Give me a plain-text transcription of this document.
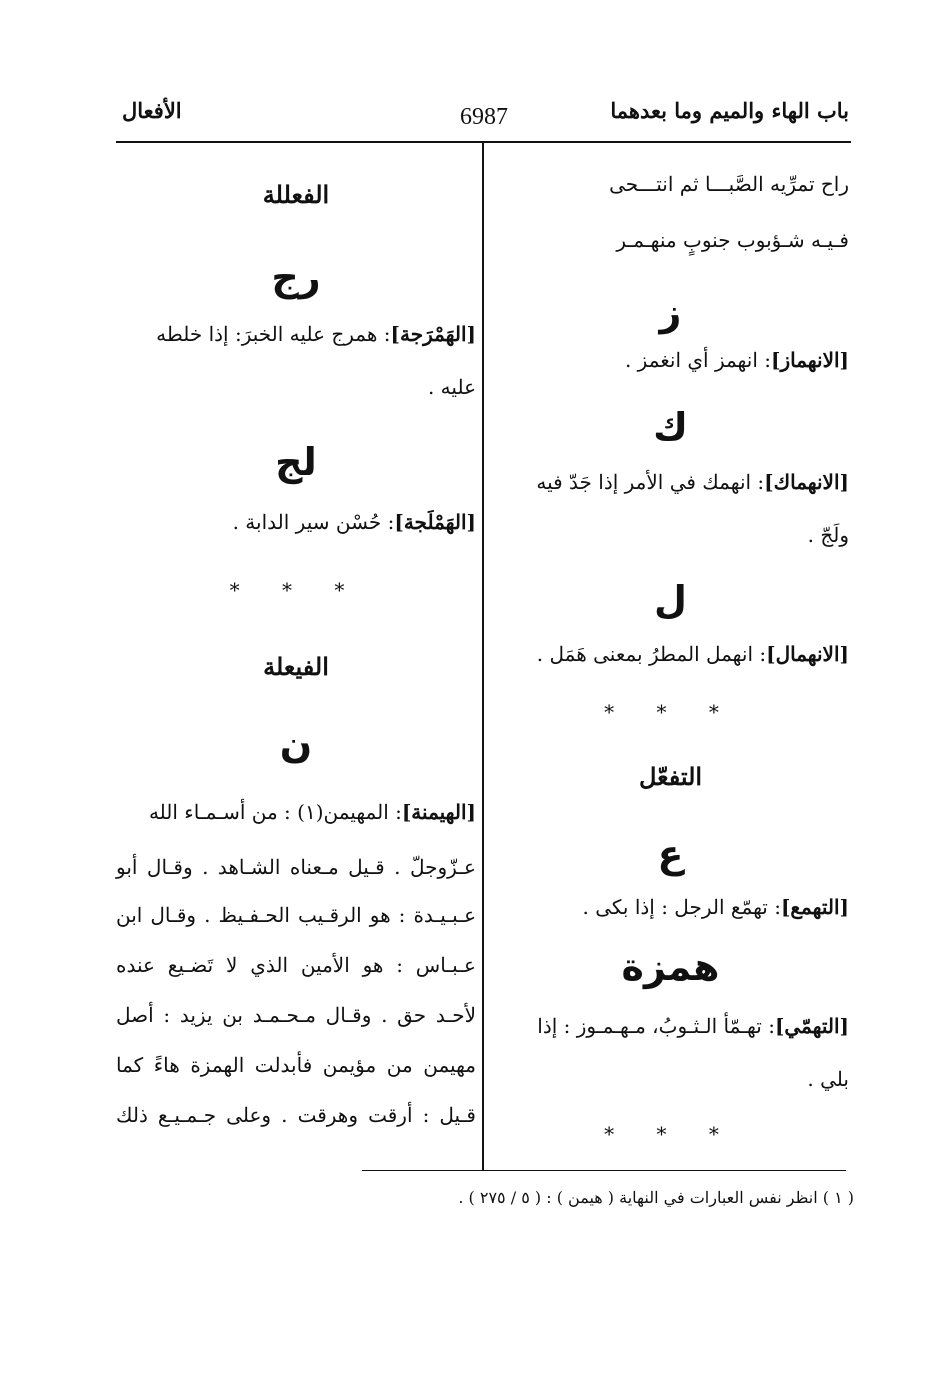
الأفعال	6987	باب الهاء والميم وما بعدهما
راح تمرِّيه الصَّبـــا ثم انتـــحى
فـيـه شـؤبوب جنوبٍ منهـمـر
ز
[الانهماز]: انهمز أي انغمز .
ك
[الانهماك]: انهمك في الأمر إذا جَدّ فيه
ولَجّ .
ل
[الانهمال]: انهمل المطرُ بمعنى هَمَل .
* * *
التفعّل
ع
[التهمع]: تهمّع الرجل : إذا بكى .
همزة
[التهمّي]: تهـمّأ الـثـوبُ، مـهـمـوز : إذا
بلي .
* * *
الفعللة
رج
[الهَمْرَجة]: همرج عليه الخبرَ: إذا خلطه
عليه .
لج
[الهَمْلَجة]: حُسْن سير الدابة .
* * *
الفيعلة
ن
[الهيمنة]: المهيمن(١) : من أسـمـاء الله
عـزّوجلّ . قـيل مـعناه الشـاهد . وقـال أبو
عـبـيـدة : هو الرقـيب الحـفـيظ . وقـال ابن
عـبـاس : هو الأمين الذي لا تَضـيع عنده
لأحـد حق . وقـال مـحـمـد بن يزيد : أصل
مهيمن من مؤيمن فأبدلت الهمزة هاءً كما
قـيل : أرقت وهرقت . وعلى جـمـيـع ذلك
( ١ ) انظر نفس العبارات في النهاية ( هيمن ) : ( ٥ / ٢٧٥ ) .
